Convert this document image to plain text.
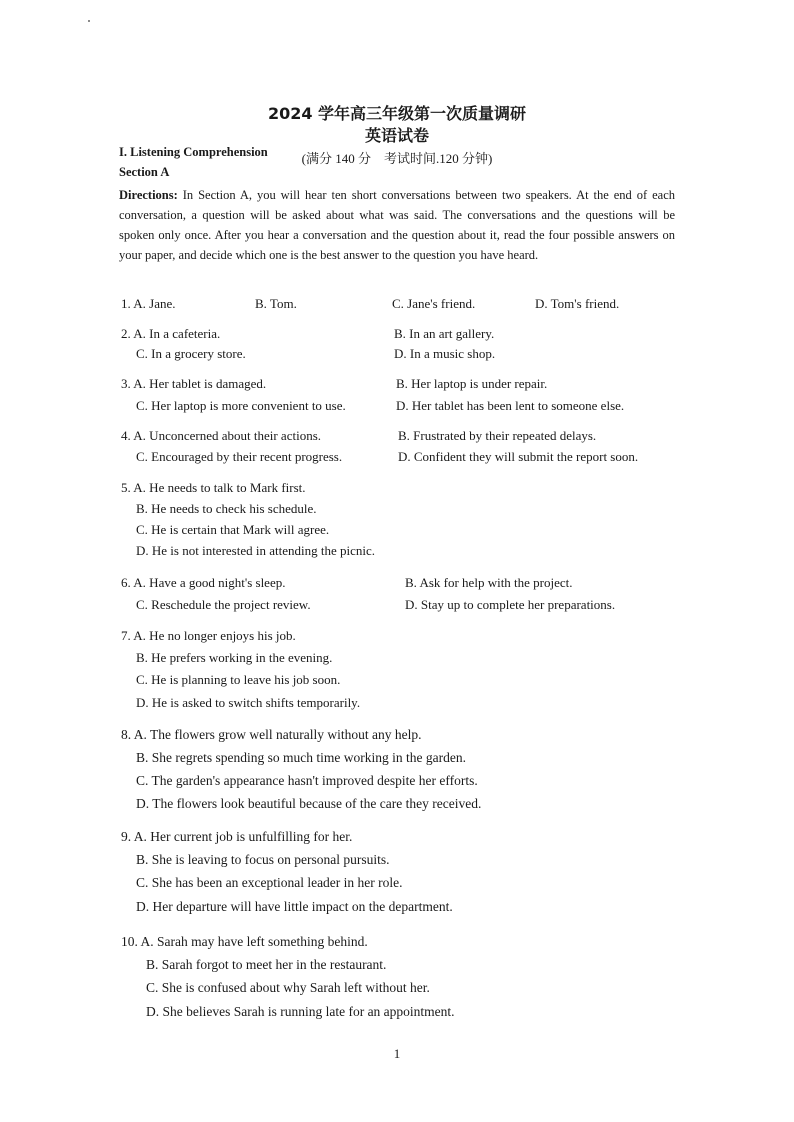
2024 学年高三年级第一次质量调研
英语试卷
(满分 140 分　考试时间.120 分钟)
I. Listening Comprehension
Section A
Directions: In Section A, you will hear ten short conversations between two speakers. At the end of each conversation, a question will be asked about what was said. The conversations and the questions will be spoken only once. After you hear a conversation and the question about it, read the four possible answers on your paper, and decide which one is the best answer to the question you have heard.
1. A. Jane.	B. Tom.	C. Jane's friend.	D. Tom's friend.
2. A. In a cafeteria.	B. In an art gallery.
C. In a grocery store.	D. In a music shop.
3. A. Her tablet is damaged.	B. Her laptop is under repair.
C. Her laptop is more convenient to use.	D. Her tablet has been lent to someone else.
4. A. Unconcerned about their actions.	B. Frustrated by their repeated delays.
C. Encouraged by their recent progress.	D. Confident they will submit the report soon.
5. A. He needs to talk to Mark first.
B. He needs to check his schedule.
C. He is certain that Mark will agree.
D. He is not interested in attending the picnic.
6. A. Have a good night's sleep.	B. Ask for help with the project.
C. Reschedule the project review.	D. Stay up to complete her preparations.
7. A. He no longer enjoys his job.
B. He prefers working in the evening.
C. He is planning to leave his job soon.
D. He is asked to switch shifts temporarily.
8. A. The flowers grow well naturally without any help.
B. She regrets spending so much time working in the garden.
C. The garden's appearance hasn't improved despite her efforts.
D. The flowers look beautiful because of the care they received.
9. A. Her current job is unfulfilling for her.
B. She is leaving to focus on personal pursuits.
C. She has been an exceptional leader in her role.
D. Her departure will have little impact on the department.
10. A. Sarah may have left something behind.
B. Sarah forgot to meet her in the restaurant.
C. She is confused about why Sarah left without her.
D. She believes Sarah is running late for an appointment.
1
